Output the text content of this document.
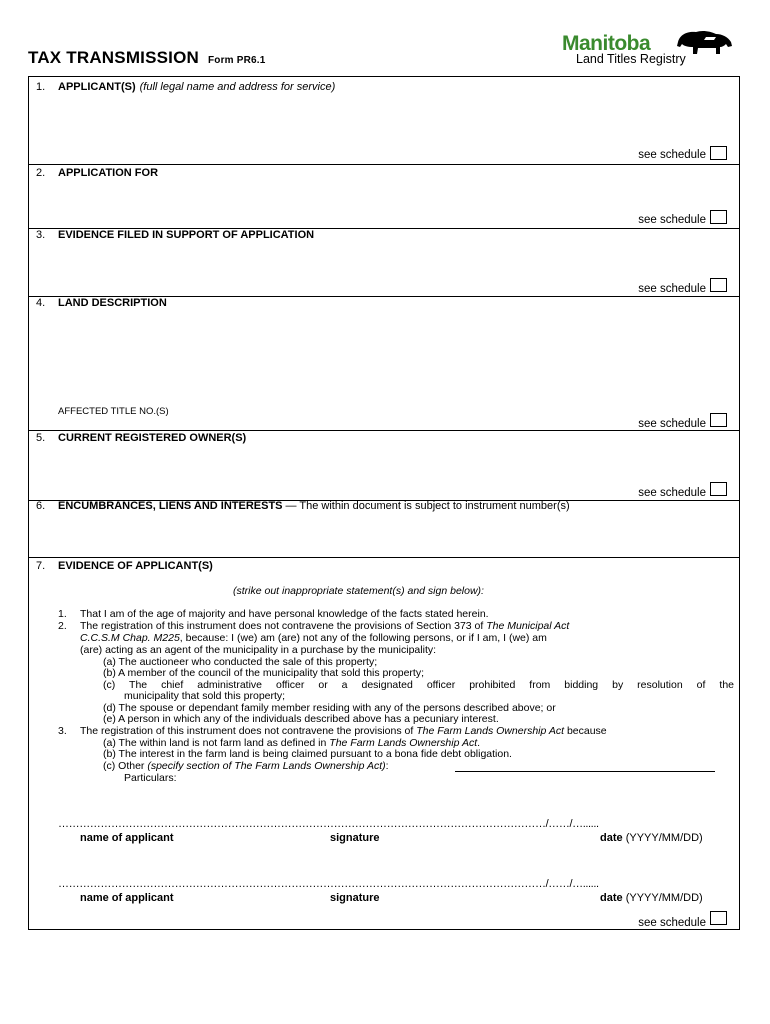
TAX TRANSMISSION Form PR6.1
Manitoba
Land Titles Registry
1. APPLICANT(S) (full legal name and address for service)
see schedule
2. APPLICATION FOR
see schedule
3. EVIDENCE FILED IN SUPPORT OF APPLICATION
see schedule
4. LAND DESCRIPTION
AFFECTED TITLE NO.(S)
see schedule
5. CURRENT REGISTERED OWNER(S)
see schedule
6. ENCUMBRANCES, LIENS AND INTERESTS — The within document is subject to instrument number(s)
7. EVIDENCE OF APPLICANT(S)
(strike out inappropriate statement(s) and sign below):
1. That I am of the age of majority and have personal knowledge of the facts stated herein.
2. The registration of this instrument does not contravene the provisions of Section 373 of The Municipal Act
C.C.S.M Chap. M225, because: I (we) am (are) not any of the following persons, or if I am, I (we) am
(are) acting as an agent of the municipality in a purchase by the municipality:
(a) The auctioneer who conducted the sale of this property;
(b) A member of the council of the municipality that sold this property;
(c) The chief administrative officer or a designated officer prohibited from bidding by resolution of the
municipality that sold this property;
(d) The spouse or dependant family member residing with any of the persons described above; or
(e) A person in which any of the individuals described above has a pecuniary interest.
3. The registration of this instrument does not contravene the provisions of The Farm Lands Ownership Act because
(a) The within land is not farm land as defined in The Farm Lands Ownership Act.
(b) The interest in the farm land is being claimed pursuant to a bona fide debt obligation.
(c) Other (specify section of The Farm Lands Ownership Act):
Particulars:
…………………………………………………………………………………………………………………………/……/…......
name of applicant	signature	date (YYYY/MM/DD)
…………………………………………………………………………………………………………………………/……/…......
name of applicant	signature	date (YYYY/MM/DD)
see schedule
